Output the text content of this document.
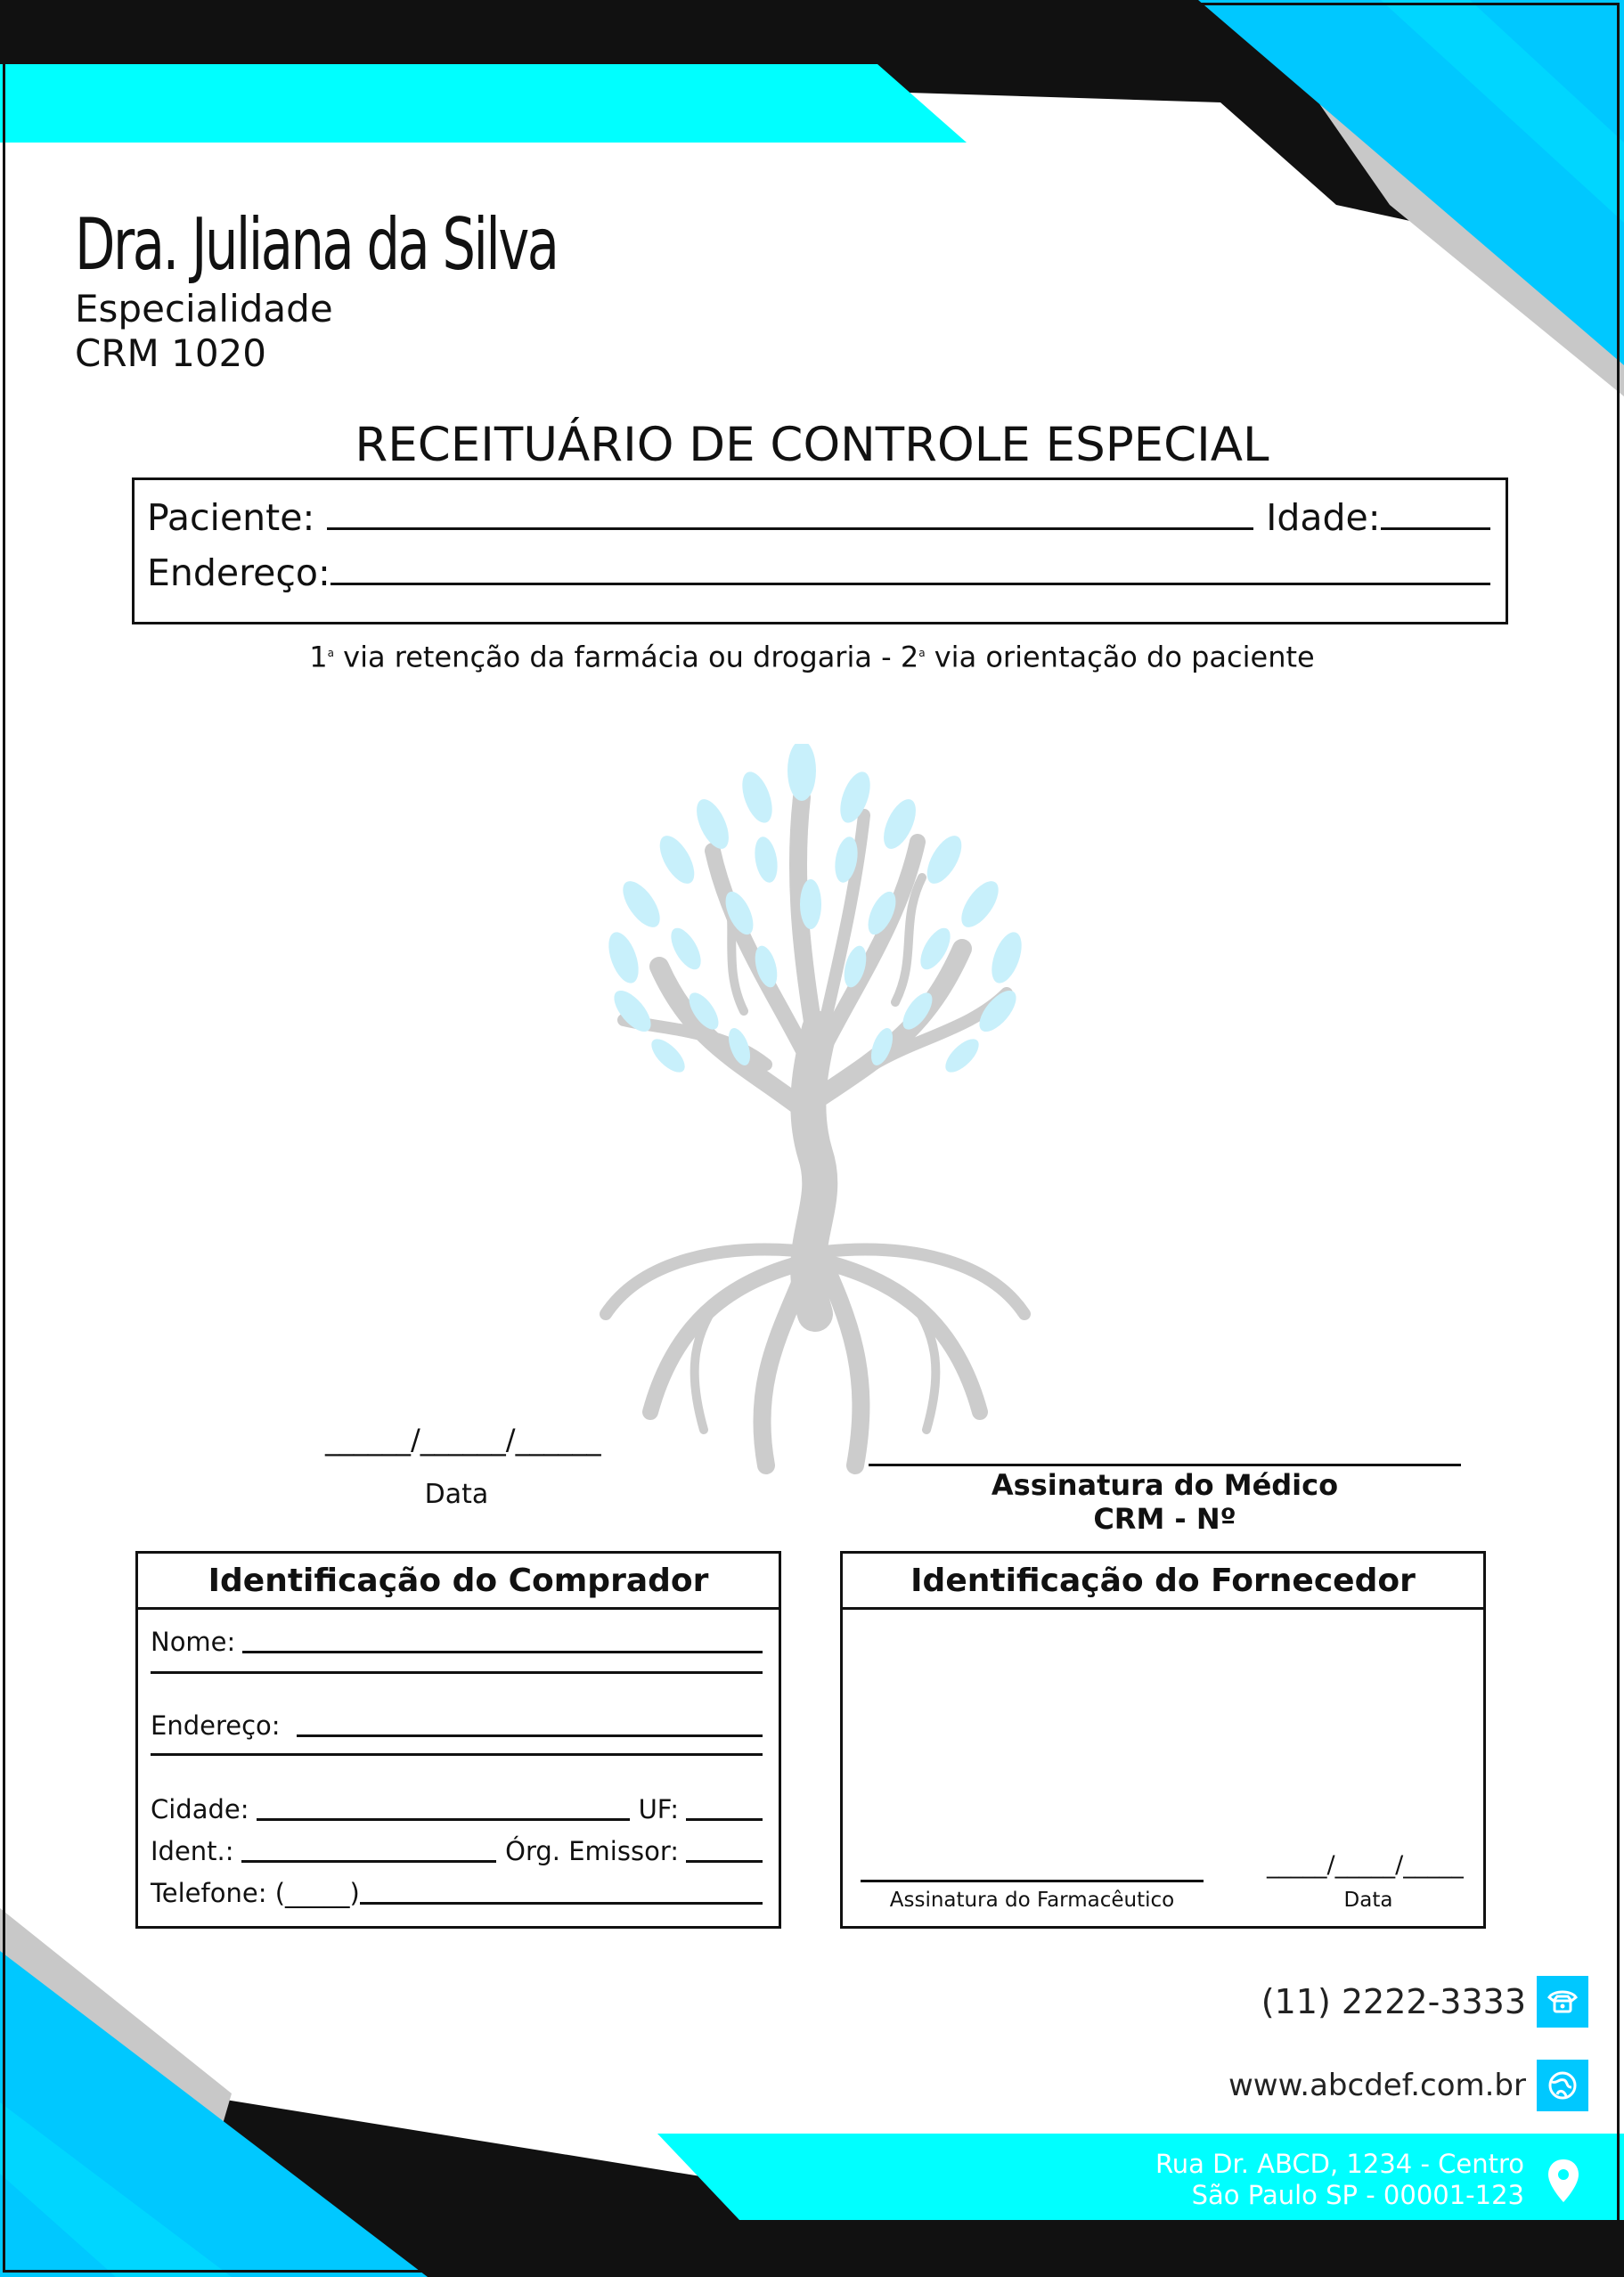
Dra. Juliana da Silva
Especialidade
CRM 1020
RECEITUÁRIO DE CONTROLE ESPECIAL
Paciente:	Idade:
Endereço:
1$^a$ via retenção da farmácia ou drogaria - 2$^a$ via orientação do paciente
______/______/______
Data	Assinatura do Médico
CRM - Nº
Identificação do Comprador
Nome:
Endereço:
Cidade:	UF:
Ident.:	Órg. Emissor:
Telefone: (_____)
Identificação do Fornecedor
Assinatura do Farmacêutico
_____/_____/_____
Data
(11) 2222-3333
www.abcdef.com.br
Rua Dr. ABCD, 1234 - Centro
São Paulo SP - 00001-123
